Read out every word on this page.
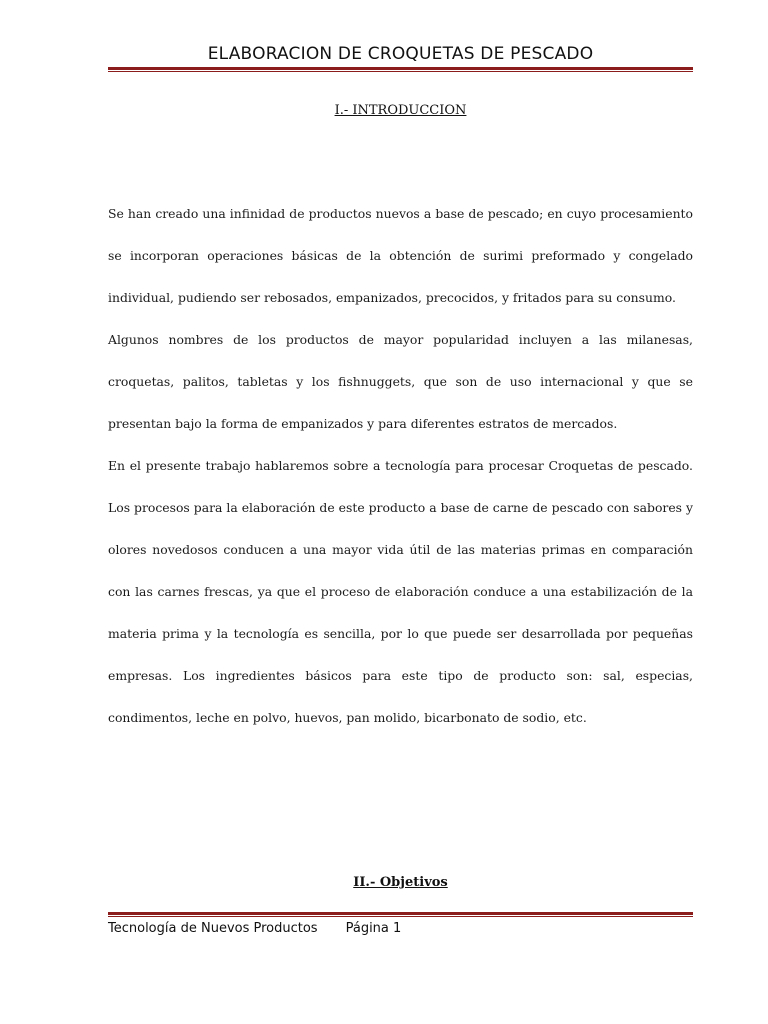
ELABORACION DE CROQUETAS DE PESCADO
I.- INTRODUCCION

Se han creado una infinidad de productos nuevos a base de pescado; en cuyo procesamiento se incorporan operaciones básicas de la obtención de surimi preformado y congelado individual, pudiendo ser rebosados, empanizados, precocidos, y fritados para su consumo.

Algunos nombres de los productos de mayor popularidad incluyen a las milanesas, croquetas, palitos, tabletas y los fishnuggets, que son de uso internacional y que se presentan bajo la forma de empanizados y para diferentes estratos de mercados.

En el presente trabajo hablaremos sobre a tecnología para procesar Croquetas de pescado. Los procesos para la elaboración de este producto a base de carne de pescado con sabores y olores novedosos conducen a una mayor vida útil de las materias primas en comparación con las carnes frescas, ya que el proceso de elaboración conduce a una estabilización de la materia prima y la tecnología es sencilla, por lo que puede ser desarrollada por pequeñas empresas. Los ingredientes básicos para este tipo de producto son: sal, especias, condimentos, leche en polvo, huevos, pan molido, bicarbonato de sodio, etc.

II.- Objetivos
Tecnología de Nuevos Productos Página 1
